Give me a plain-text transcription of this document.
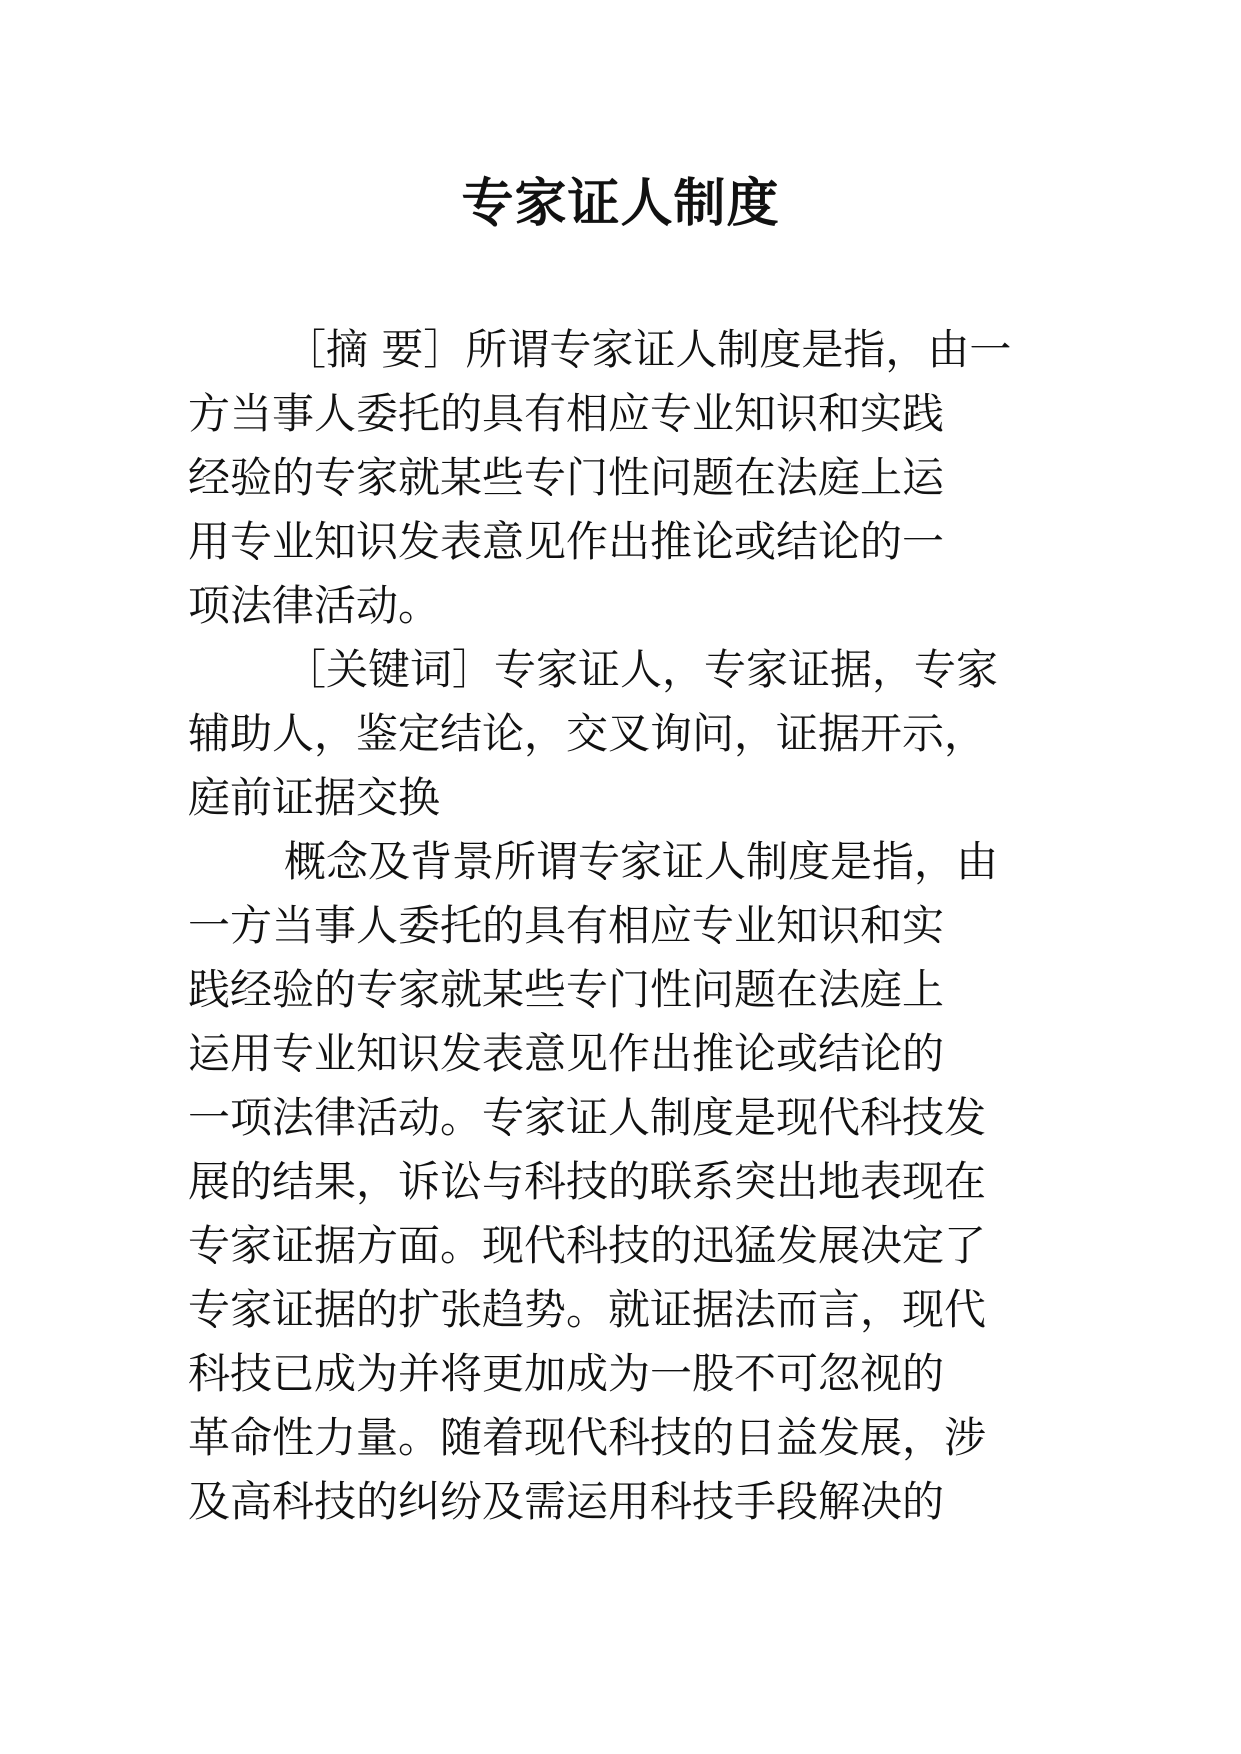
专家证人制度
［摘 要］所谓专家证人制度是指，由一
方当事人委托的具有相应专业知识和实践
经验的专家就某些专门性问题在法庭上运
用专业知识发表意见作出推论或结论的一
项法律活动。
［关键词］专家证人，专家证据，专家
辅助人，鉴定结论，交叉询问，证据开示，
庭前证据交换
概念及背景所谓专家证人制度是指，由
一方当事人委托的具有相应专业知识和实
践经验的专家就某些专门性问题在法庭上
运用专业知识发表意见作出推论或结论的
一项法律活动。专家证人制度是现代科技发
展的结果，诉讼与科技的联系突出地表现在
专家证据方面。现代科技的迅猛发展决定了
专家证据的扩张趋势。就证据法而言，现代
科技已成为并将更加成为一股不可忽视的
革命性力量。随着现代科技的日益发展，涉
及高科技的纠纷及需运用科技手段解决的
